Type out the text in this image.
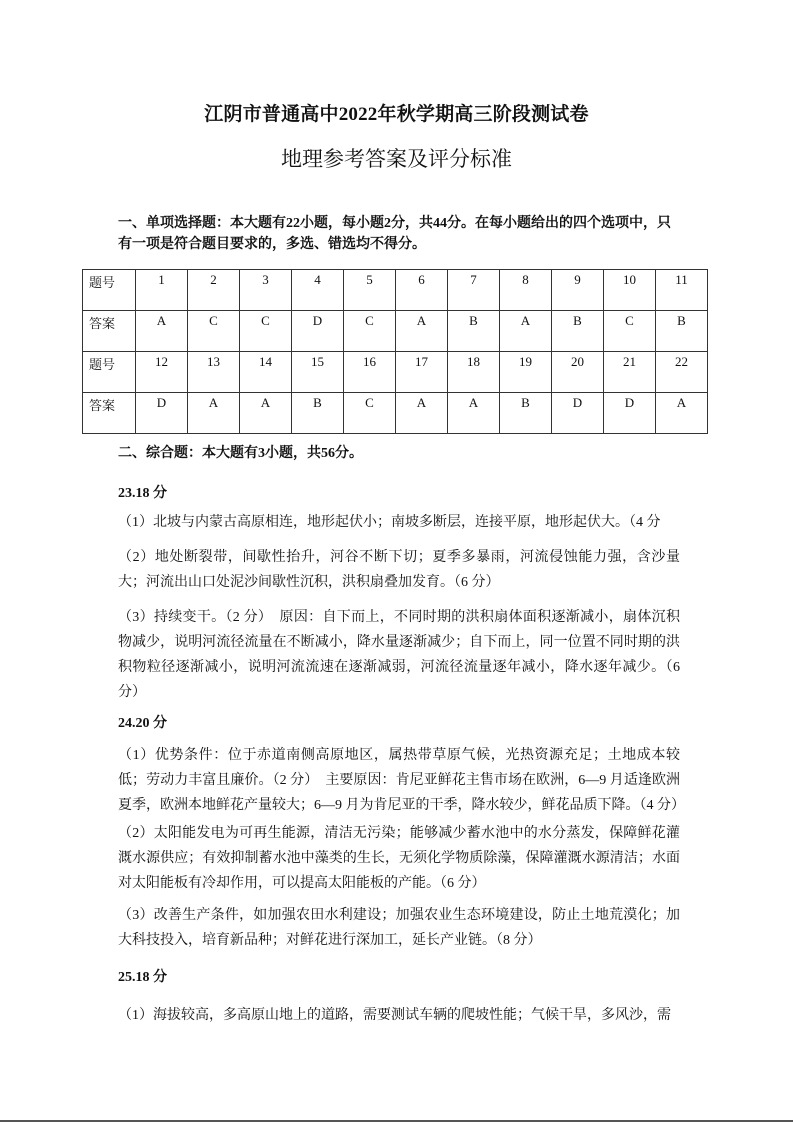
江阴市普通高中2022年秋学期高三阶段测试卷
地理参考答案及评分标准
一、单项选择题：本大题有22小题，每小题2分，共44分。在每小题给出的四个选项中，只有一项是符合题目要求的，多选、错选均不得分。
题号	1	2	3	4	5	6	7	8	9	10	11
答案	A	C	C	D	C	A	B	A	B	C	B
题号	12	13	14	15	16	17	18	19	20	21	22
答案	D	A	A	B	C	A	A	B	D	D	A
二、综合题：本大题有3小题，共56分。
23.18 分
（1）北坡与内蒙古高原相连，地形起伏小；南坡多断层，连接平原，地形起伏大。（4 分
（2）地处断裂带，间歇性抬升，河谷不断下切；夏季多暴雨，河流侵蚀能力强，含沙量大；河流出山口处泥沙间歇性沉积，洪积扇叠加发育。（6 分）
（3）持续变干。（2 分）　原因：自下而上，不同时期的洪积扇体面积逐渐减小，扇体沉积物减少，说明河流径流量在不断减小，降水量逐渐减少；自下而上，同一位置不同时期的洪积物粒径逐渐减小，说明河流流速在逐渐减弱，河流径流量逐年减小，降水逐年减少。（6 分）
24.20 分
（1）优势条件：位于赤道南侧高原地区，属热带草原气候，光热资源充足；土地成本较低；劳动力丰富且廉价。（2 分）　主要原因：肯尼亚鲜花主售市场在欧洲，6—9 月适逢欧洲夏季，欧洲本地鲜花产量较大；6—9 月为肯尼亚的干季，降水较少，鲜花品质下降。（4 分）
（2）太阳能发电为可再生能源，清洁无污染；能够减少蓄水池中的水分蒸发，保障鲜花灌溉水源供应；有效抑制蓄水池中藻类的生长，无须化学物质除藻，保障灌溉水源清洁；水面对太阳能板有冷却作用，可以提高太阳能板的产能。（6 分）
（3）改善生产条件，如加强农田水利建设；加强农业生态环境建设，防止土地荒漠化；加大科技投入，培育新品种；对鲜花进行深加工，延长产业链。（8 分）
25.18 分
（1）海拔较高，多高原山地上的道路，需要测试车辆的爬坡性能；气候干旱，多风沙，需
